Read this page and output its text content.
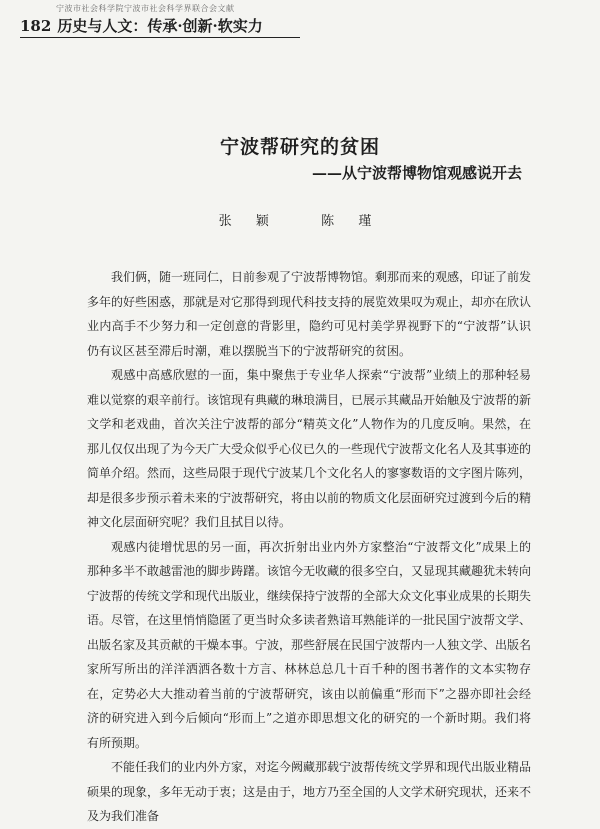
宁波市社会科学院宁波市社会科学界联合会文献
182 历史与人文：传承·创新·软实力
宁波帮研究的贫困
——从宁波帮博物馆观感说开去
张 颖   陈 瑾

我们俩，随一班同仁，日前参观了宁波帮博物馆。剩那而来的观感，印证了前发多年的好些困惑，那就是对它那得到现代科技支持的展览效果叹为观止，却亦在欣认业内高手不少努力和一定创意的背影里，隐约可见村美学界视野下的“宁波帮”认识仍有议区甚至滞后时潮，难以摆脱当下的宁波帮研究的贫困。

观感中高感欣慰的一面，集中聚焦于专业华人探索“宁波帮”业绩上的那种轻易难以觉察的艰辛前行。该馆现有典藏的琳琅满目，已展示其藏品开始触及宁波帮的新文学和老戏曲，首次关注宁波帮的部分“精英文化”人物作为的几度反响。果然，在那儿仅仅出现了为今天广大受众似乎心仪已久的一些现代宁波帮文化名人及其事迹的简单介绍。然而，这些局限于现代宁波某几个文化名人的寥寥数语的文字图片陈列，却是很多步预示着未来的宁波帮研究，将由以前的物质文化层面研究过渡到今后的精神文化层面研究呢？我们且拭目以待。

观感内徒增忧思的另一面，再次折射出业内外方家整治“宁波帮文化”成果上的那种多半不敢越雷池的脚步踌躇。该馆今无收藏的很多空白，又显现其藏趣犹未转向宁波帮的传统文学和现代出版业，继续保持宁波帮的全部大众文化事业成果的长期失语。尽管，在这里悄悄隐匿了更当时众多读者熟谙耳熟能详的一批民国宁波帮文学、出版名家及其贡献的干燥本事。宁波，那些舒展在民国宁波帮内一人独文学、出版名家所写所出的洋洋洒洒各数十方言、林林总总几十百千种的图书著作的文本实物存在，定势必大大推动着当前的宁波帮研究，该由以前偏重“形而下”之器亦即社会经济的研究进入到今后倾向“形而上”之道亦即思想文化的研究的一个新时期。我们将有所预期。

不能任我们的业内外方家，对迄今阙藏那载宁波帮传统文学界和现代出版业精品硕果的现象，多年无动于衷；这是由于，地方乃至全国的人文学术研究现状，还来不及为我们准备
